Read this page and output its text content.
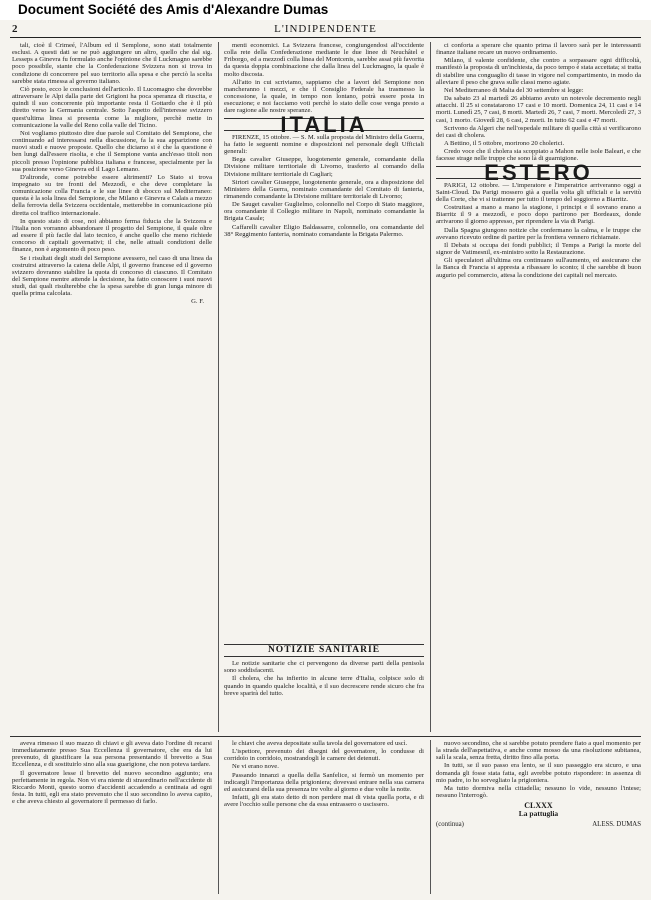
Document Société des Amis d'Alexandre Dumas
2	L'INDIPENDENTE

tali, cioè il Crimeé, l'Album ed il Semplone, sono stati totalmente esclusi. A questi dati se ne può aggiungere un altro, quello che dal sig. Lesseps a Ginevra fu formulato anche l'opinione che il Luckmagno sarebbe poco possibile, stante che la Confederazione Svizzera non si trova in condizione di concorrere pel suo territorio alla spesa e che perciò la scelta sarebbe stata rimessa al governo italiano.

Ciò posto, ecco le conclusioni dell'articolo. Il Lucomagno che dovrebbe attraversare le Alpi dalla parte dei Grigioni ha poca speranza di riuscita, e quindi il suo concorrente più importante resta il Gottardo che è il più diretto verso la Germania centrale. Sotto l'aspetto dell'interesse svizzero quest'ultima linea si presenta come la migliore, perchè mette in comunicazione la valle del Reno colla valle del Ticino.

Noi vogliamo piuttosto dire due parole sul Comitato del Sempione, che continuando ad interessarsi nella discussione, fa la sua apparizione con nuovi studi e nuove proposte. Quello che diciamo si è che la questione è ben lungi dall'essere risolta, e che il Sempione vanta anch'esso titoli non piccoli presso l'opinione pubblica italiana e francese, specialmente per la sua posizione verso Ginevra ed il Lago Lemano.

D'altronde, come potrebbe essere altrimenti? Lo Stato si trova impegnato su tre fronti del Mezzodì, e che deve completare la comunicazione colla Francia e le sue linee di sbocco sul Mediterraneo: questa è la sola linea del Sempione, che Milano e Ginevra e Calais a mezzo della ferrovia della Svizzera occidentale, metterebbe in comunicazione più diretta col traffico internazionale.

In questo stato di cose, noi abbiamo ferma fiducia che la Svizzera e l'Italia non vorranno abbandonare il progetto del Sempione, il quale oltre ad essere il più facile dal lato tecnico, è anche quello che meno richiede concorso di capitali governativi; il che, nelle attuali condizioni delle finanze, non è argomento di poco peso.

Se i risultati degli studi del Sempione avessero, nel caso di una linea da costruirsi attraverso la catena delle Alpi, il governo francese ed il governo svizzero dovranno stabilire la quota di concorso di ciascuno. Il Comitato del Sempione mentre attende la decisione, ha fatto conoscere i suoi nuovi studi, dai quali risulterebbe che la spesa sarebbe di gran lunga minore di quella prima calcolata.

G. F.

menti economici. La Svizzera francese, congiungendosi all'occidente colla rete della Confederazione mediante le due linee di Neuchâtel e Friborgo, ed a mezzodì colla linea del Montcenis, sarebbe assai più favorita da questa doppia combinazione che dalla linea del Luckmagno, la quale è molto discosta.

All'atto in cui scriviamo, sappiamo che a lavori del Sempione non mancheranno i mezzi, e che il Consiglio Federale ha trasmesso la concessione, la quale, in tempo non lontano, potrà essere posta in esecuzione; e noi facciamo voti perchè lo stato delle cose venga presto a dare ragione alle nostre speranze.

ITALIA

FIRENZE, 15 ottobre. — S. M. sulla proposta del Ministro della Guerra, ha fatto le seguenti nomine e disposizioni nel personale degli Ufficiali generali:

Bega cavalier Giuseppe, luogotenente generale, comandante della Divisione militare territoriale di Livorno, trasferto al comando della Divisione militare territoriale di Cagliari;

Sirtori cavalier Giuseppe, luogotenente generale, ora a disposizione del Ministero della Guerra, nominato comandante del Comitato di fanteria, rimanendo comandante la Divisione militare territoriale di Livorno;

De Sauget cavalier Guglielmo, colonnello nel Corpo di Stato maggiore, ora comandante il Collegio militare in Napoli, nominato comandante la Brigata Casale;

Caffarelli cavalier Eligio Baldassarre, colonnello, ora comandante del 38° Reggimento fanteria, nominato comandante la Brigata Palermo.

ci conforta a sperare che quanto prima il lavoro sarà per le interessanti finanze italiane recare un nuovo ordinamento.

Milano, il valente confidente, che contro a sorpassare ogni difficoltà, manifestò la proposta di un'inchiesta, da poco tempo è stata accettata; si tratta di stabilire una conguaglio di tasse in vigore nel compartimento, in modo da alleviare il peso che grava sulle classi meno agiate.

Nel Mediterraneo di Malta del 30 settembre si legge:

Da sabato 23 al martedì 26 abbiamo avuto un notevole decremento negli attacchi. Il 25 si constatarono 17 casi e 10 morti. Domenica 24, 11 casi e 14 morti. Lunedì 25, 7 casi, 8 morti. Martedì 26, 7 casi, 7 morti. Mercoledì 27, 3 casi, 1 morto. Giovedì 28, 6 casi, 2 morti. In tutto 62 casi e 47 morti.

Scrivono da Algeri che nell'ospedale militare di quella città si verificarono dei casi di cholera.

A Bettino, il 5 ottobre, morirono 20 cholerici.

Credo voce che il cholera sia scoppiato a Mahon nelle isole Baleari, e che facesse strage nelle truppe che sono là di guarnigione.

ESTERO

PARIGI, 12 ottobre. — L'imperatore e l'imperatrice arriveranno oggi a Saint-Cloud. Da Parigi mossero già a quella volta gli ufficiali e la servitù della Corte, che vi si trattenne per tutto il tempo del soggiorno a Biarritz.

Costruitasi a mano a mano la stagione, i principi e il sovrano erano a Biarritz il 9 a mezzodì, e poco dopo partirono per Bordeaux, donde arrivarono il giorno appresso, per riprendere la via di Parigi.

Dalla Spagna giungono notizie che confermano la calma, e le truppe che avevano ricevuto ordine di partire per la frontiera vennero richiamate.

Il Debats si occupa dei fondi pubblici; il Temps a Parigi la morte del signor de Vatimesnil, ex-ministro sotto la Restaurazione.

Gli speculatori all'ultima ora continuano sull'aumento, ed assicurano che la Banca di Francia si appresta a ribassare lo sconto; il che sarebbe di buon augurio pel commercio, attesa la condizione dei capitali nel mercato.

NOTIZIE SANITARIE

Le notizie sanitarie che ci pervengono da diverse parti della penisola sono soddisfacenti.

Il cholera, che ha infierito in alcune terre d'Italia, colpisce solo di quando in quando qualche località, e il suo decrescere rende sicuro che fra breve sparirà del tutto.

aveva rimesso il suo mazzo di chiavi e gli aveva dato l'ordine di recarsi immediatamente presso Sua Eccellenza il governatore, che era da lui prevenuto, di giustificare la sua persona presentando il brevetto a Sua Eccellenza, e di sostituirlo sino alla sua guarigione, che non poteva tardare.

Il governatore lesse il brevetto del nuovo secondino aggiunto; era perfettamente in regola. Non vi era niente di straordinario nell'accidente di Riccardo Monti, questo uomo d'accidenti accadendo a centinaia ad ogni festa. In tutti, egli era stato prevenuto che il suo secondino lo aveva capito, e che aveva chiesto al governatore il permesso di farlo.

le chiavi che aveva depositate sulla tavola del governatore ed uscì.

L'ispettore, prevenuto dei disegni del governatore, lo condusse di corridoio in corridoio, mostrandogli le camere dei detenuti.

Ne vi erano nove.

Passando innanzi a quella della Sanfelice, si fermò un momento per indicargli l'importanza della prigioniera; dovevasi entrare nella sua camera ed assicurarsi della sua presenza tre volte al giorno e due volte la notte.

Infatti, gli era stato detto di non perdere mai di vista quella porta, e di avere l'occhio sulle persone che da essa entrassero o uscissero.

nuovo secondino, che si sarebbe potuto prendere fiato a quel momento per la strada dell'aspettativa, e anche come mosso da una risoluzione subitanea, salì la scala, senza fretta, diritto fino alla porta.

In tutti, se il suo passo era lento, se il suo passeggio era sicuro, e una domanda gli fosse stata fatta, egli avrebbe potuto rispondere: in assenza di mio padre, io ho sorvegliato la prigioniera.

Ma tutto dormiva nella cittadella; nessuno lo vide, nessuno l'intese; nessuno l'interrogò.

CLXXX
La pattuglia
(continua)	ALESS. DUMAS
